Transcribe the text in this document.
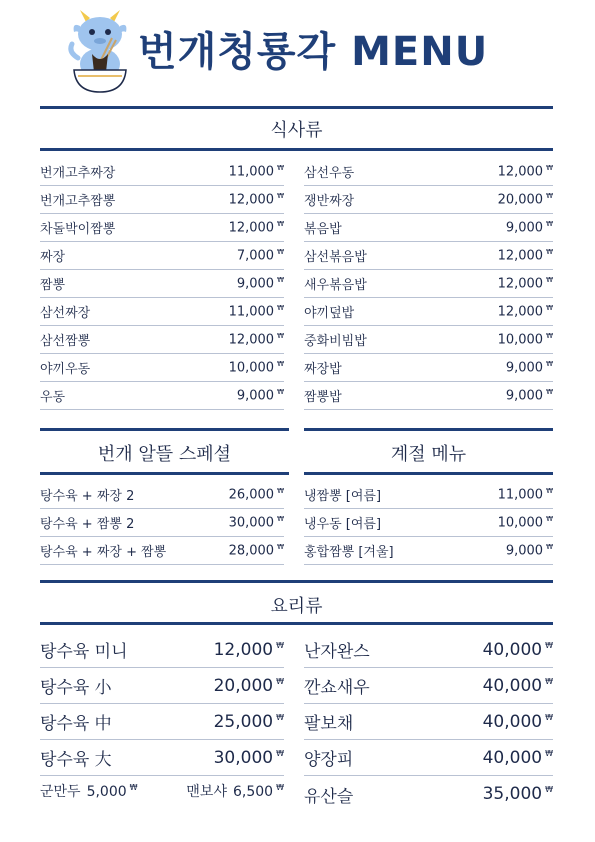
번개청룡각 MENU
식사류
번개고추짜장	11,000 ₩
번개고추짬뽕	12,000 ₩
차돌박이짬뽕	12,000 ₩
짜장	7,000 ₩
짬뽕	9,000 ₩
삼선짜장	11,000 ₩
삼선짬뽕	12,000 ₩
야끼우동	10,000 ₩
우동	9,000 ₩
삼선우동	12,000 ₩
쟁반짜장	20,000 ₩
볶음밥	9,000 ₩
삼선볶음밥	12,000 ₩
새우볶음밥	12,000 ₩
야끼덮밥	12,000 ₩
중화비빔밥	10,000 ₩
짜장밥	9,000 ₩
짬뽕밥	9,000 ₩
번개 알뜰 스페셜	계절 메뉴
탕수육 + 짜장 2	26,000 ₩
탕수육 + 짬뽕 2	30,000 ₩
탕수육 + 짜장 + 짬뽕	28,000 ₩
냉짬뽕 [여름]	11,000 ₩
냉우동 [여름]	10,000 ₩
홍합짬뽕 [겨울]	9,000 ₩
요리류
탕수육 미니	12,000 ₩
탕수육 小	20,000 ₩
탕수육 中	25,000 ₩
탕수육 大	30,000 ₩
군만두 5,000 ₩	맨보샤 6,500 ₩
난자완스	40,000 ₩
깐쇼새우	40,000 ₩
팔보채	40,000 ₩
양장피	40,000 ₩
유산슬	35,000 ₩
